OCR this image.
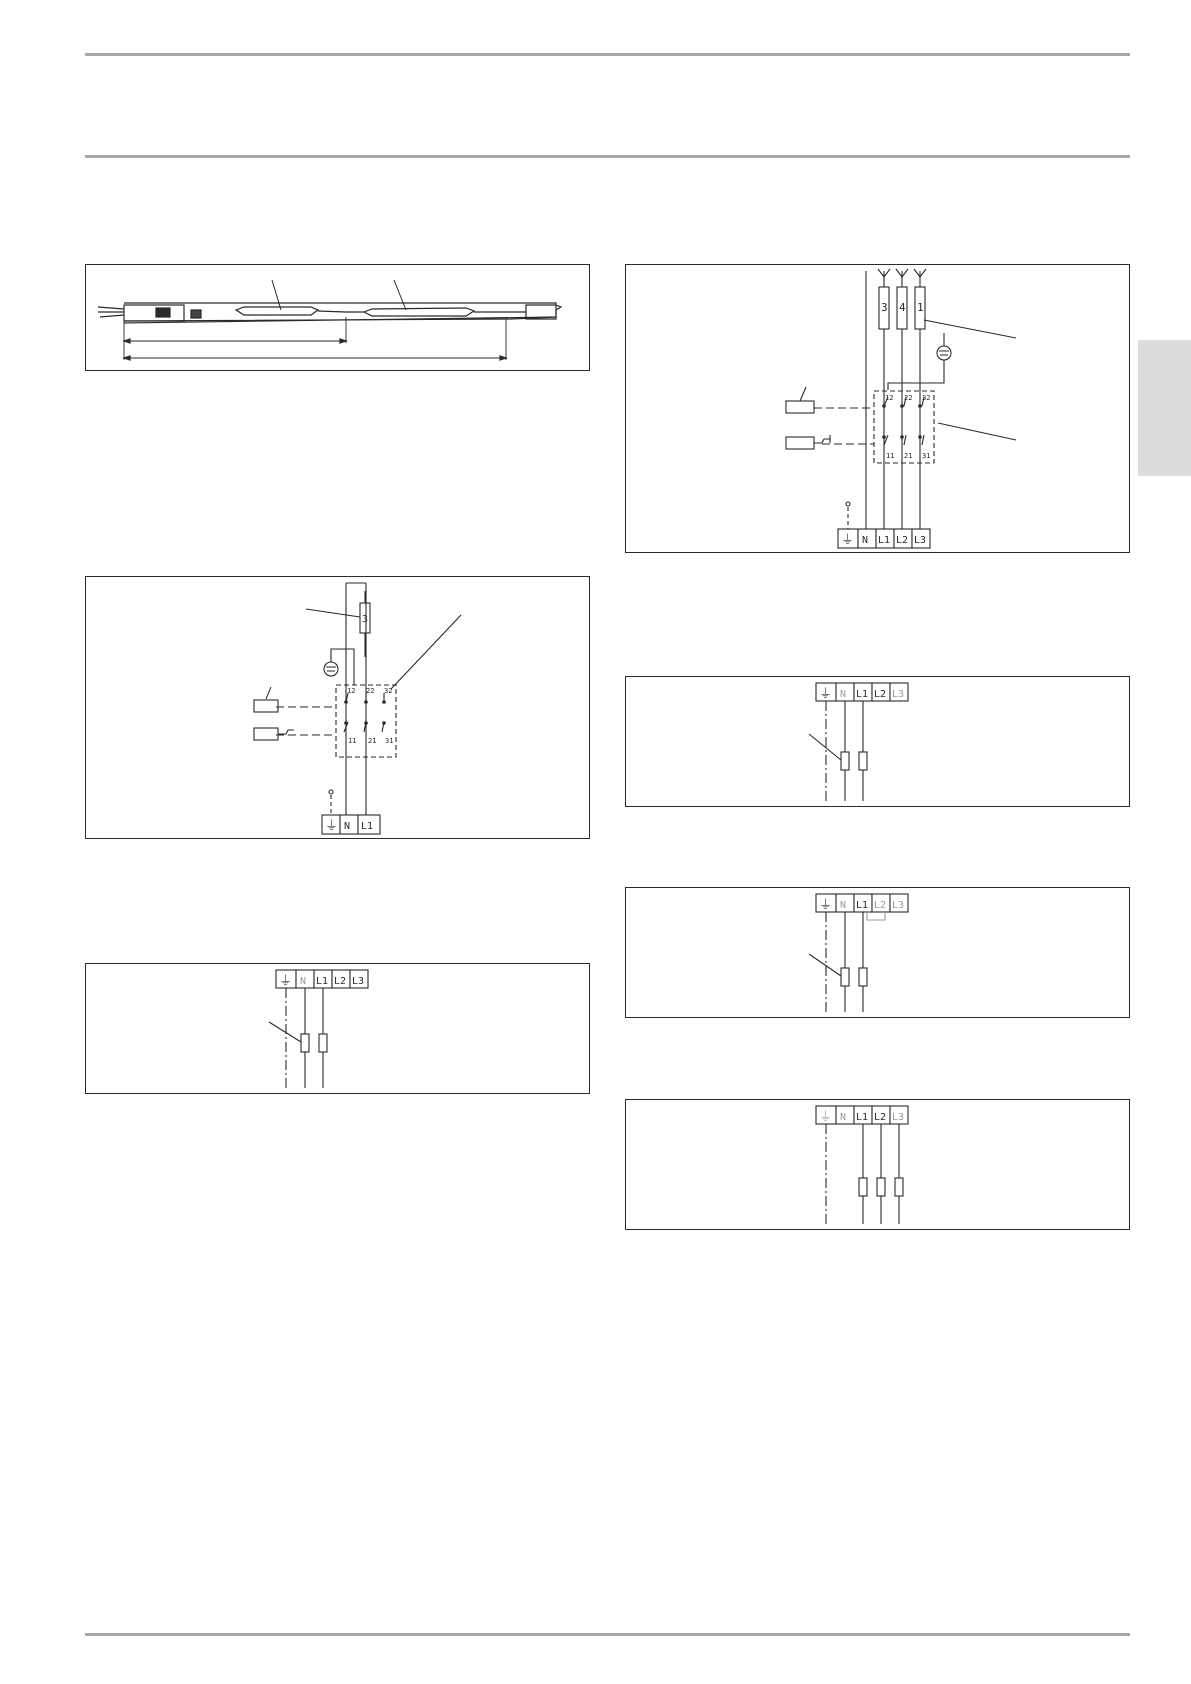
3
12 22 32
11 21 31
⏚ N L1
⏚ N L1 L2 L3
3 4 1
12 22 32
11 21 31
⏚ N L1 L2 L3
⏚ N L1 L2 L3
⏚ N L1 L2 L3
⏚ N L1 L2 L3
